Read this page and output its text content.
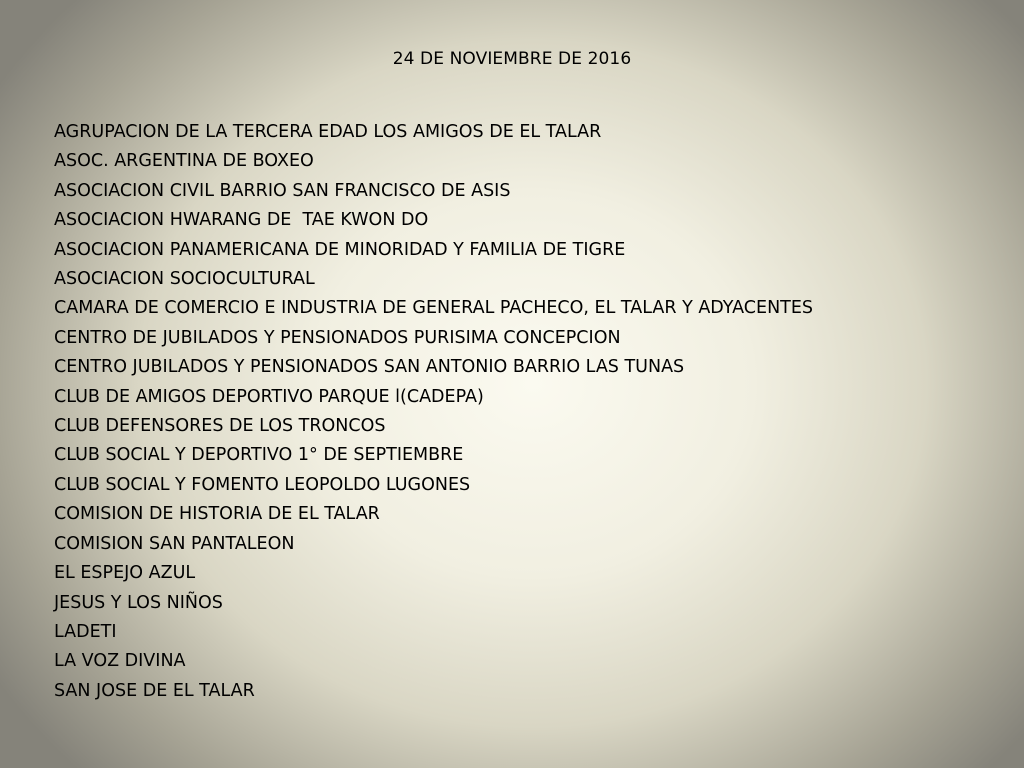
24 DE NOVIEMBRE DE 2016
AGRUPACION DE LA TERCERA EDAD LOS AMIGOS DE EL TALAR
ASOC. ARGENTINA DE BOXEO
ASOCIACION CIVIL BARRIO SAN FRANCISCO DE ASIS
ASOCIACION HWARANG DE  TAE KWON DO
ASOCIACION PANAMERICANA DE MINORIDAD Y FAMILIA DE TIGRE
ASOCIACION SOCIOCULTURAL
CAMARA DE COMERCIO E INDUSTRIA DE GENERAL PACHECO, EL TALAR Y ADYACENTES
CENTRO DE JUBILADOS Y PENSIONADOS PURISIMA CONCEPCION
CENTRO JUBILADOS Y PENSIONADOS SAN ANTONIO BARRIO LAS TUNAS
CLUB DE AMIGOS DEPORTIVO PARQUE l(CADEPA)
CLUB DEFENSORES DE LOS TRONCOS
CLUB SOCIAL Y DEPORTIVO 1° DE SEPTIEMBRE
CLUB SOCIAL Y FOMENTO LEOPOLDO LUGONES
COMISION DE HISTORIA DE EL TALAR
COMISION SAN PANTALEON
EL ESPEJO AZUL
JESUS Y LOS NIÑOS
LADETI
LA VOZ DIVINA
SAN JOSE DE EL TALAR
